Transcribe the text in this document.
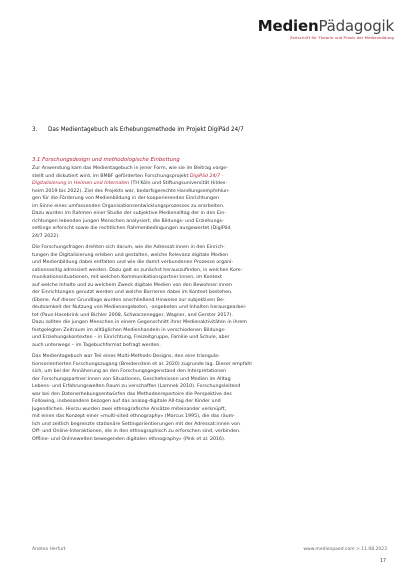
MedienPädagogik
Zeitschrift für Theorie und Praxis der Medienbildung
3. Das Medientagebuch als Erhebungsmethode im Projekt DigiPäd 24/7
3.1 Forschungsdesign und methodologische Einbettung
Zur Anwendung kam das Medientagebuch in jener Form, wie sie im Beitrag vorge-
stellt und diskutiert wird, im BMBF geförderten Forschungsprojekt DigiPäd 24/7 -
Digitalisierung in Heimen und Internaten (TH Köln und Stiftungsuniversität Hildes-
heim 2019 bis 2022). Ziel des Projekts war, bedarfsgerechte Handlungsempfehlun-
gen für die Förderung von Medienbildung in der kooperierenden Einrichtungen
im Sinne eines umfassenden Organisationsentwicklungsprozesses zu erarbeiten.
Dazu wurden im Rahmen einer Studie der subjektive Medienalltag der in den Ein-
richtungen lebenden jungen Menschen analysiert, die Bildungs- und Erziehungs-
settings erforscht sowie die rechtlichen Rahmenbedingungen ausgewertet (DigiPäd
24/7 2022).
Die Forschungsfragen drehten sich darum, wie die Adressat:innen in den Einrich-
tungen die Digitalisierung erleben und gestalten, welche Relevanz digitale Medien
und Medienbildung dabei entfalten und wie die damit verbundenen Prozesse organi-
sationsseitig adressiert werden. Dazu galt es zunächst herauszufinden, in welchen Kom-
munikationssituationen, mit welchen Kommunikationspartner:innen, im Kontext
auf welche Inhalte und zu welchem Zweck digitale Medien von den Bewohner:innen
der Einrichtungen genutzt werden und welche Barrieren dabei im Kontext bestehen.
(Ebene. Auf dieser Grundlage wurden anschließend Hinweise zur subjektiven Be-
deutsamkeit der Nutzung von Medienangeboten, -angeboten und Inhalten herausgearbei-
tet (Paus-Hasebrink und Bichler 2008, Schwarzenegger, Wagner, and Gerster 2017).
Dazu sollten die jungen Menschen in einem Gegenschnitt ihrer Medienaktivitäten in ihrem
festgelegten Zeitraum im alltäglichen Medienhandeln in verschiedenen Bildungs-
und Erziehungskontexten – in Einrichtung, Freizeitgruppe, Familie und Schule, aber
auch unterwegs – im Tagebuchformat befragt werden.
Das Medientagebuch war Teil eines Multi-Methods-Designs, den eine triangula-
tionsorientierten Forschungszugang (Breidenstein et al. 2020) zugrunde lag. Dieser empfahl
sich, um bei der Annäherung an den Forschungsgegenstand den Interpretationen
der Forschungspartner:innen von Situationen, Geschehnissen und Medien im Alltag
Lebens- und Erfahrungswelten Raum zu verschaffen (Lamnek 2010). Forschungsleitend
war bei den Datenerhebungsentwürfen das Methodenrepertoire die Perspektive des
Following, insbesondere bezogen auf das analog-digitale All-tag der Kinder und
Jugendlichen. Hierzu wurden zwei ethnografische Ansätze miteinander verknüpft,
mit einen das Konzept einer «multi-sited ethnography» (Marcus 1995), die das räum-
lich und zeitlich begrenzte stationäre Settingorientierungen mit der Adressat:innen von
Off- und Online-Interaktionen, die in den ethnographisch zu erforschen sind, verbinden.
Offline- und Onlinewelten bewegenden digitalen ethnography» (Pink et al. 2016).
Andrea Herfurt	www.medienpaed.com > 11.08.2023
17
